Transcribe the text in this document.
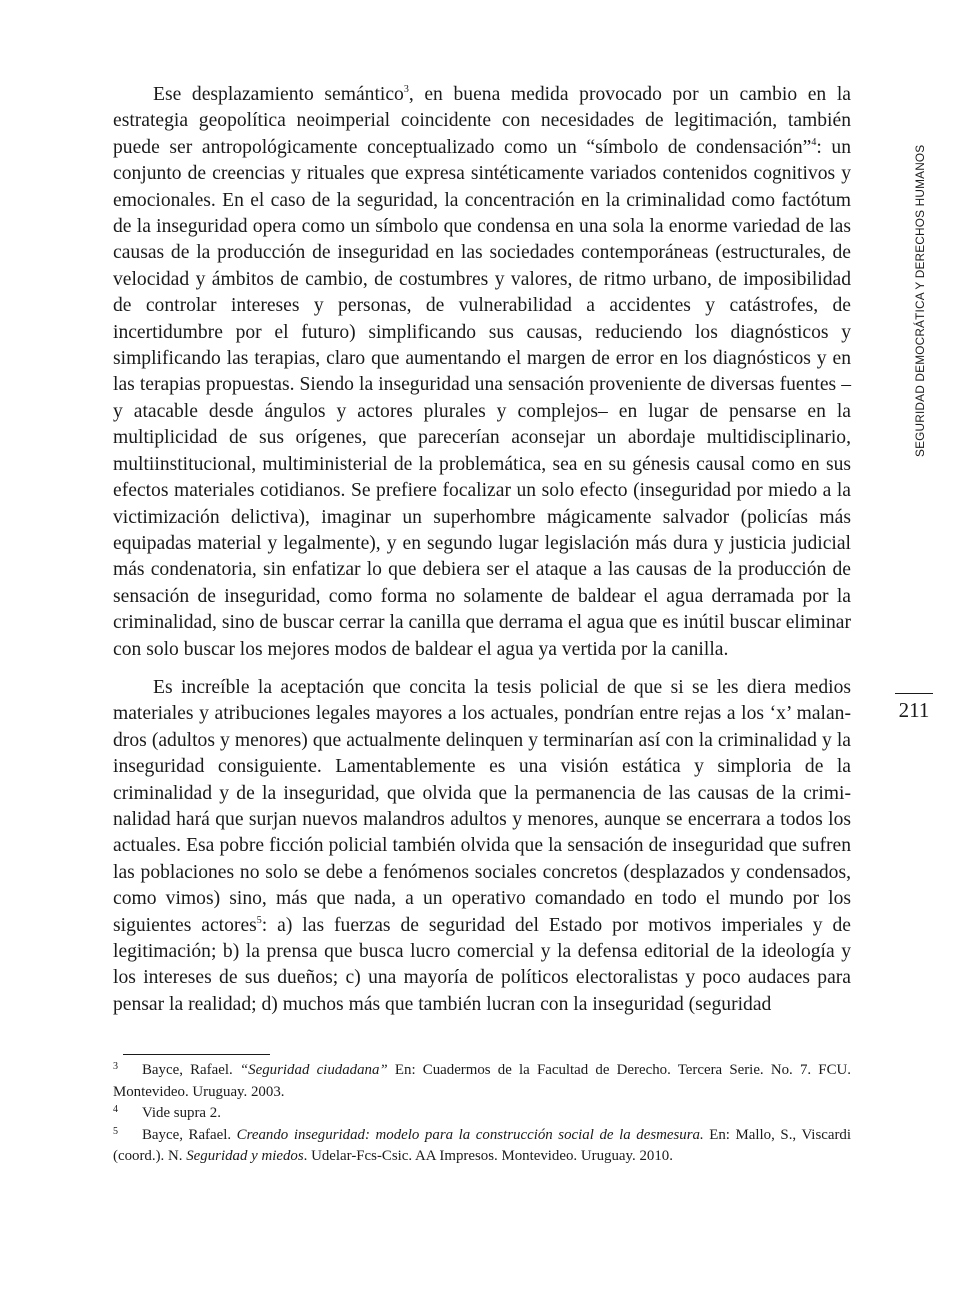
Ese desplazamiento semántico$^3$, en buena medida provocado por un cambio en la estrategia geopolítica neoimperial coincidente con necesidades de legitimación, también puede ser antropológicamente conceptualizado como un “símbolo de condensación”$^4$: un conjunto de creencias y rituales que expresa sintéticamente variados contenidos cognitivos y emocionales. En el caso de la seguridad, la concentración en la criminalidad como factótum de la inseguridad opera como un símbolo que condensa en una sola la enorme variedad de las causas de la producción de inseguridad en las sociedades contemporáneas (estructurales, de velocidad y ámbitos de cambio, de costumbres y valores, de ritmo urbano, de imposibilidad de controlar intereses y personas, de vulnerabilidad a accidentes y catástrofes, de incertidumbre por el futuro) simplificando sus causas, reduciendo los diagnósticos y simplificando las terapias, claro que aumentando el margen de error en los diagnósticos y en las terapias propuestas. Siendo la inseguridad una sensación proveniente de diversas fuentes –y atacable desde ángulos y actores plurales y complejos– en lugar de pensarse en la multiplicidad de sus orígenes, que parecerían aconsejar un abordaje multidisciplinario, multiinstitucional, multiministerial de la problemática, sea en su génesis causal como en sus efectos materiales cotidianos. Se prefiere focalizar un solo efecto (inseguridad por miedo a la victimización delictiva), imaginar un superhombre mágicamente salvador (policías más equipadas material y legalmente), y en segundo lugar legislación más dura y justicia judicial más condenatoria, sin enfatizar lo que debiera ser el ataque a las causas de la producción de sensación de inseguridad, como forma no solamente de baldear el agua derramada por la criminalidad, sino de buscar cerrar la canilla que derrama el agua que es inútil buscar eliminar con solo buscar los mejores modos de baldear el agua ya vertida por la canilla.

Es increíble la aceptación que concita la tesis policial de que si se les diera medios materiales y atribuciones legales mayores a los actuales, pondrían entre rejas a los ‘x’ malandros (adultos y menores) que actualmente delinquen y terminarían así con la criminalidad y la inseguridad consiguiente. Lamentablemente es una visión estática y simploria de la criminalidad y de la inseguridad, que olvida que la permanencia de las causas de la criminalidad hará que surjan nuevos malandros adultos y menores, aunque se encerrara a todos los actuales. Esa pobre ficción policial también olvida que la sensación de inseguridad que sufren las poblaciones no solo se debe a fenómenos sociales concretos (desplazados y condensados, como vimos) sino, más que nada, a un operativo comandado en todo el mundo por los siguientes actores$^5$: a) las fuerzas de seguridad del Estado por motivos imperiales y de legitimación; b) la prensa que busca lucro comercial y la defensa editorial de la ideología y los intereses de sus dueños; c) una mayoría de políticos electoralistas y poco audaces para pensar la realidad; d) muchos más que también lucran con la inseguridad (seguridad

SEGURIDAD DEMOCRÁTICA Y DERECHOS HUMANOS
211

3 Bayce, Rafael. “Seguridad ciudadana” En: Cuadermos de la Facultad de Derecho. Tercera Serie. No. 7. FCU. Montevideo. Uruguay. 2003.

4 Vide supra 2.

5 Bayce, Rafael. Creando inseguridad: modelo para la construcción social de la desmesura. En: Mallo, S., Viscardi (coord.). N. Seguridad y miedos. Udelar-Fcs-Csic. AA Impresos. Montevideo. Uruguay. 2010.
